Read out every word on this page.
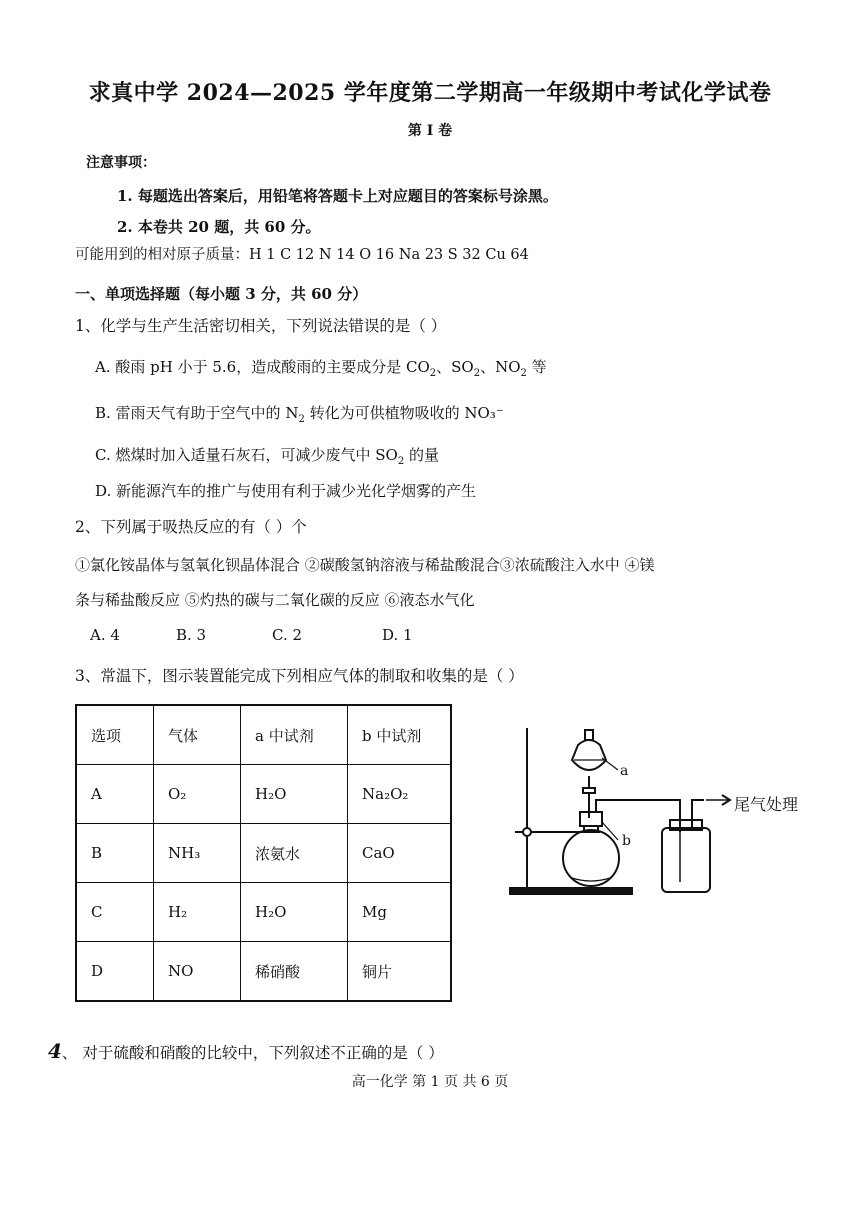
求真中学 2024—2025 学年度第二学期高一年级期中考试化学试卷
第 I 卷
注意事项：
1. 每题选出答案后，用铅笔将答题卡上对应题目的答案标号涂黑。
2. 本卷共 20 题，共 60 分。
可能用到的相对原子质量：H 1 C 12 N 14 O 16 Na 23 S 32 Cu 64
一、单项选择题（每小题 3 分，共 60 分）
1、化学与生产生活密切相关，下列说法错误的是（ ）
A. 酸雨 pH 小于 5.6，造成酸雨的主要成分是 $CO_2$、$SO_2$、$NO_2$ 等
B. 雷雨天气有助于空气中的 $N_2$ 转化为可供植物吸收的 NO₃⁻
C. 燃煤时加入适量石灰石，可减少废气中 $SO_2$ 的量
D. 新能源汽车的推广与使用有利于减少光化学烟雾的产生
2、下列属于吸热反应的有（ ）个
①氯化铵晶体与氢氧化钡晶体混合 ②碳酸氢钠溶液与稀盐酸混合③浓硫酸注入水中 ④镁
条与稀盐酸反应 ⑤灼热的碳与二氧化碳的反应 ⑥液态水气化
A. 4	B. 3	C. 2	D. 1
3、常温下，图示装置能完成下列相应气体的制取和收集的是（ ）
选项	气体	a 中试剂	b 中试剂
A	O₂	H₂O	Na₂O₂
B	NH₃	浓氨水	CaO
C	H₂	H₂O	Mg
D	NO	稀硝酸	铜片
a
b
尾气处理
4、 对于硫酸和硝酸的比较中，下列叙述不正确的是（ ）
高一化学 第 1 页 共 6 页
